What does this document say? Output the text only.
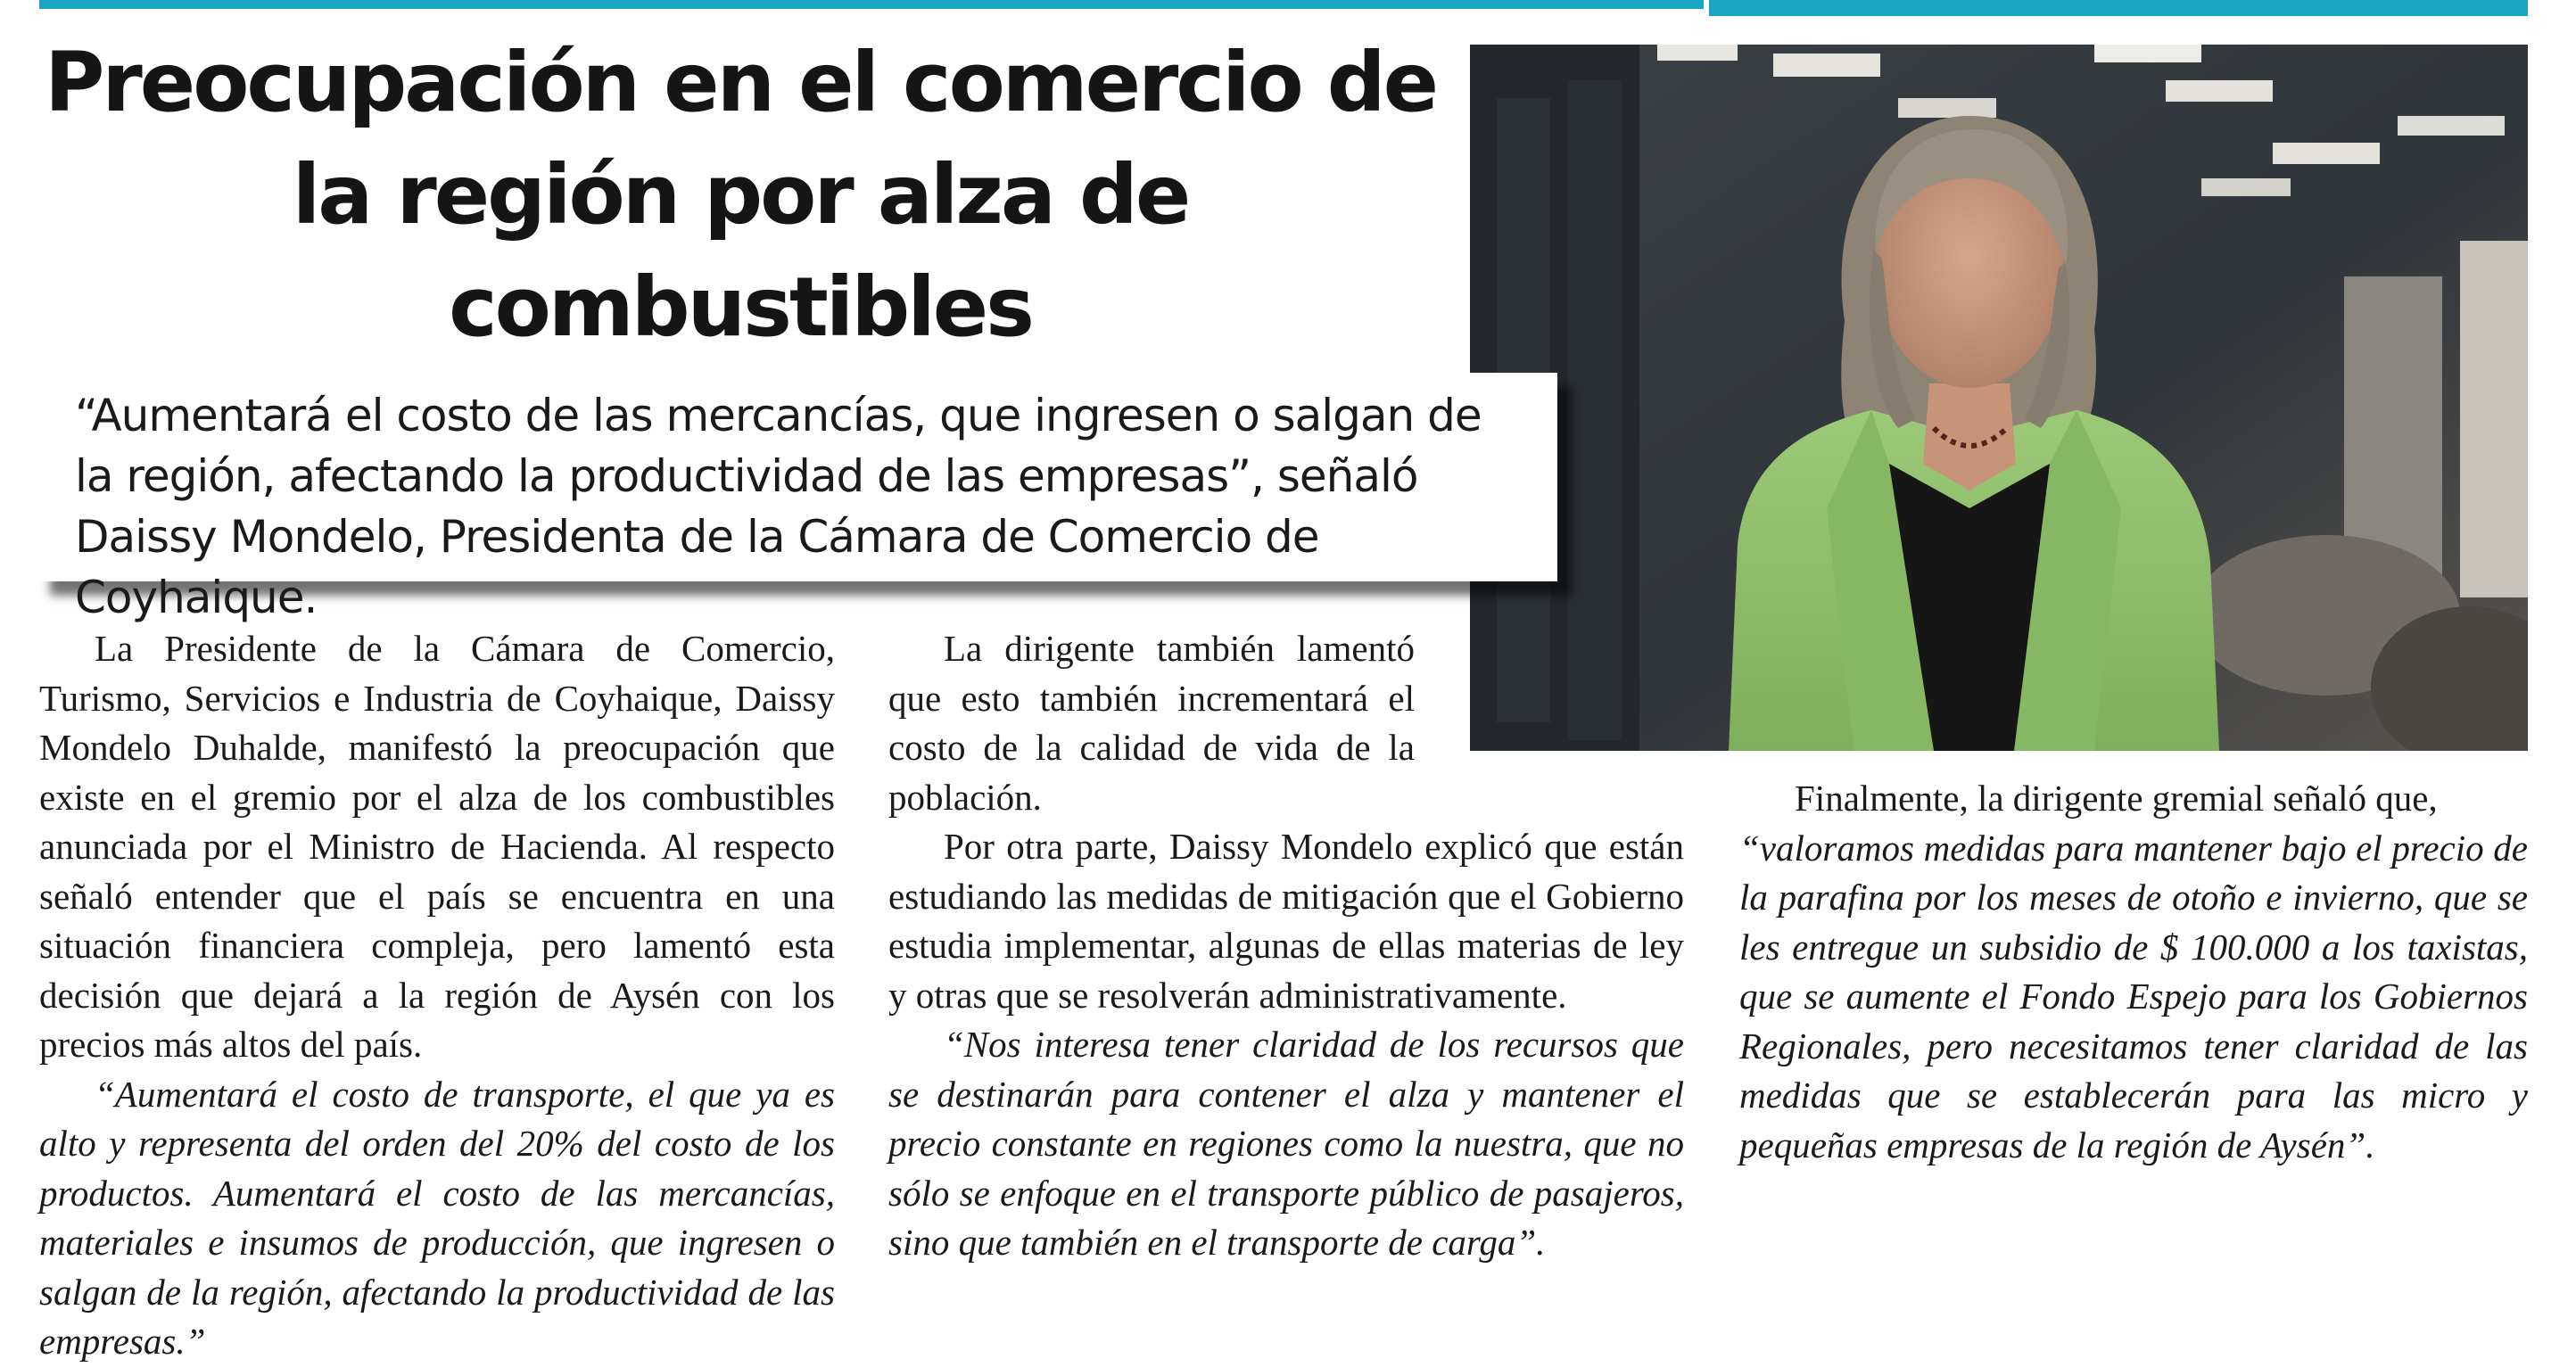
Preocupación en el comercio de la región por alza de combustibles

“Aumentará el costo de las mercancías, que ingresen o salgan de la región, afectando la productividad de las empresas”, señaló Daissy Mondelo, Presidenta de la Cámara de Comercio de Coyhaique.

La Presidente de la Cámara de Comercio, Turismo, Servicios e Industria de Coyhaique, Daissy Mondelo Duhalde, manifestó la preocupación que existe en el gremio por el alza de los combustibles anunciada por el Ministro de Hacienda. Al respecto señaló entender que el país se encuentra en una situación financiera compleja, pero lamentó esta decisión que dejará a la región de Aysén con los precios más altos del país.

“Aumentará el costo de transporte, el que ya es alto y representa del orden del 20% del costo de los productos. Aumentará el costo de las mercancías, materiales e insumos de producción, que ingresen o salgan de la región, afectando la productividad de las empresas.”

La dirigente también lamentó que esto también incrementará el costo de la calidad de vida de la población.

Por otra parte, Daissy Mondelo explicó que están estudiando las medidas de mitigación que el Gobierno estudia implementar, algunas de ellas materias de ley y otras que se resolverán administrativamente.

“Nos interesa tener claridad de los recursos que se destinarán para contener el alza y mantener el precio constante en regiones como la nuestra, que no sólo se enfoque en el transporte público de pasajeros, sino que también en el transporte de carga”.

Finalmente, la dirigente gremial señaló que,

“valoramos medidas para mantener bajo el precio de la parafina por los meses de otoño e invierno, que se les entregue un subsidio de $ 100.000 a los taxistas, que se aumente el Fondo Espejo para los Gobiernos Regionales, pero necesitamos tener claridad de las medidas que se establecerán para las micro y pequeñas empresas de la región de Aysén”.
